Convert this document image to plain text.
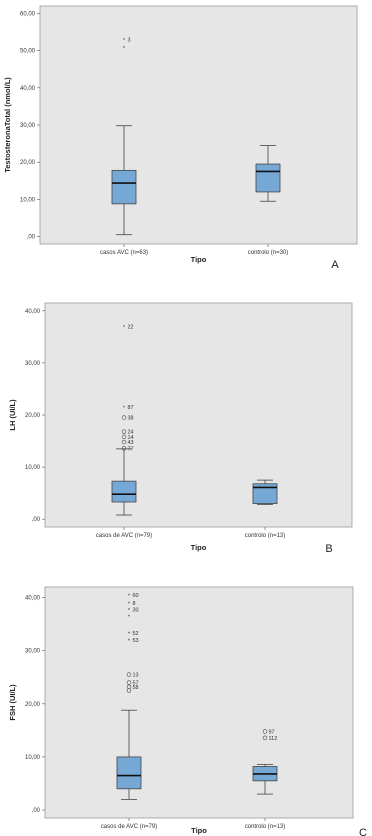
,00
10,00
20,00
30,00
40,00
50,00
60,00
casos AVC (n=63)
* 3
*
controlo (n=30)
TestosteronaTotal (nmol/L)
Tipo	A
,00
10,00
20,00
30,00
40,00
casos de AVC (n=79)
* 22
* 87
38
24
14
43
77
controlo (n=13)
LH (UI/L)
Tipo	B
,00
10,00
20,00
30,00
40,00
casos de AVC (n=79)
* 60
* 8
* 30
*
* 52
* 53
13
57
58
controlo (n=13)
97
112
FSH (UI/L)
Tipo	C
